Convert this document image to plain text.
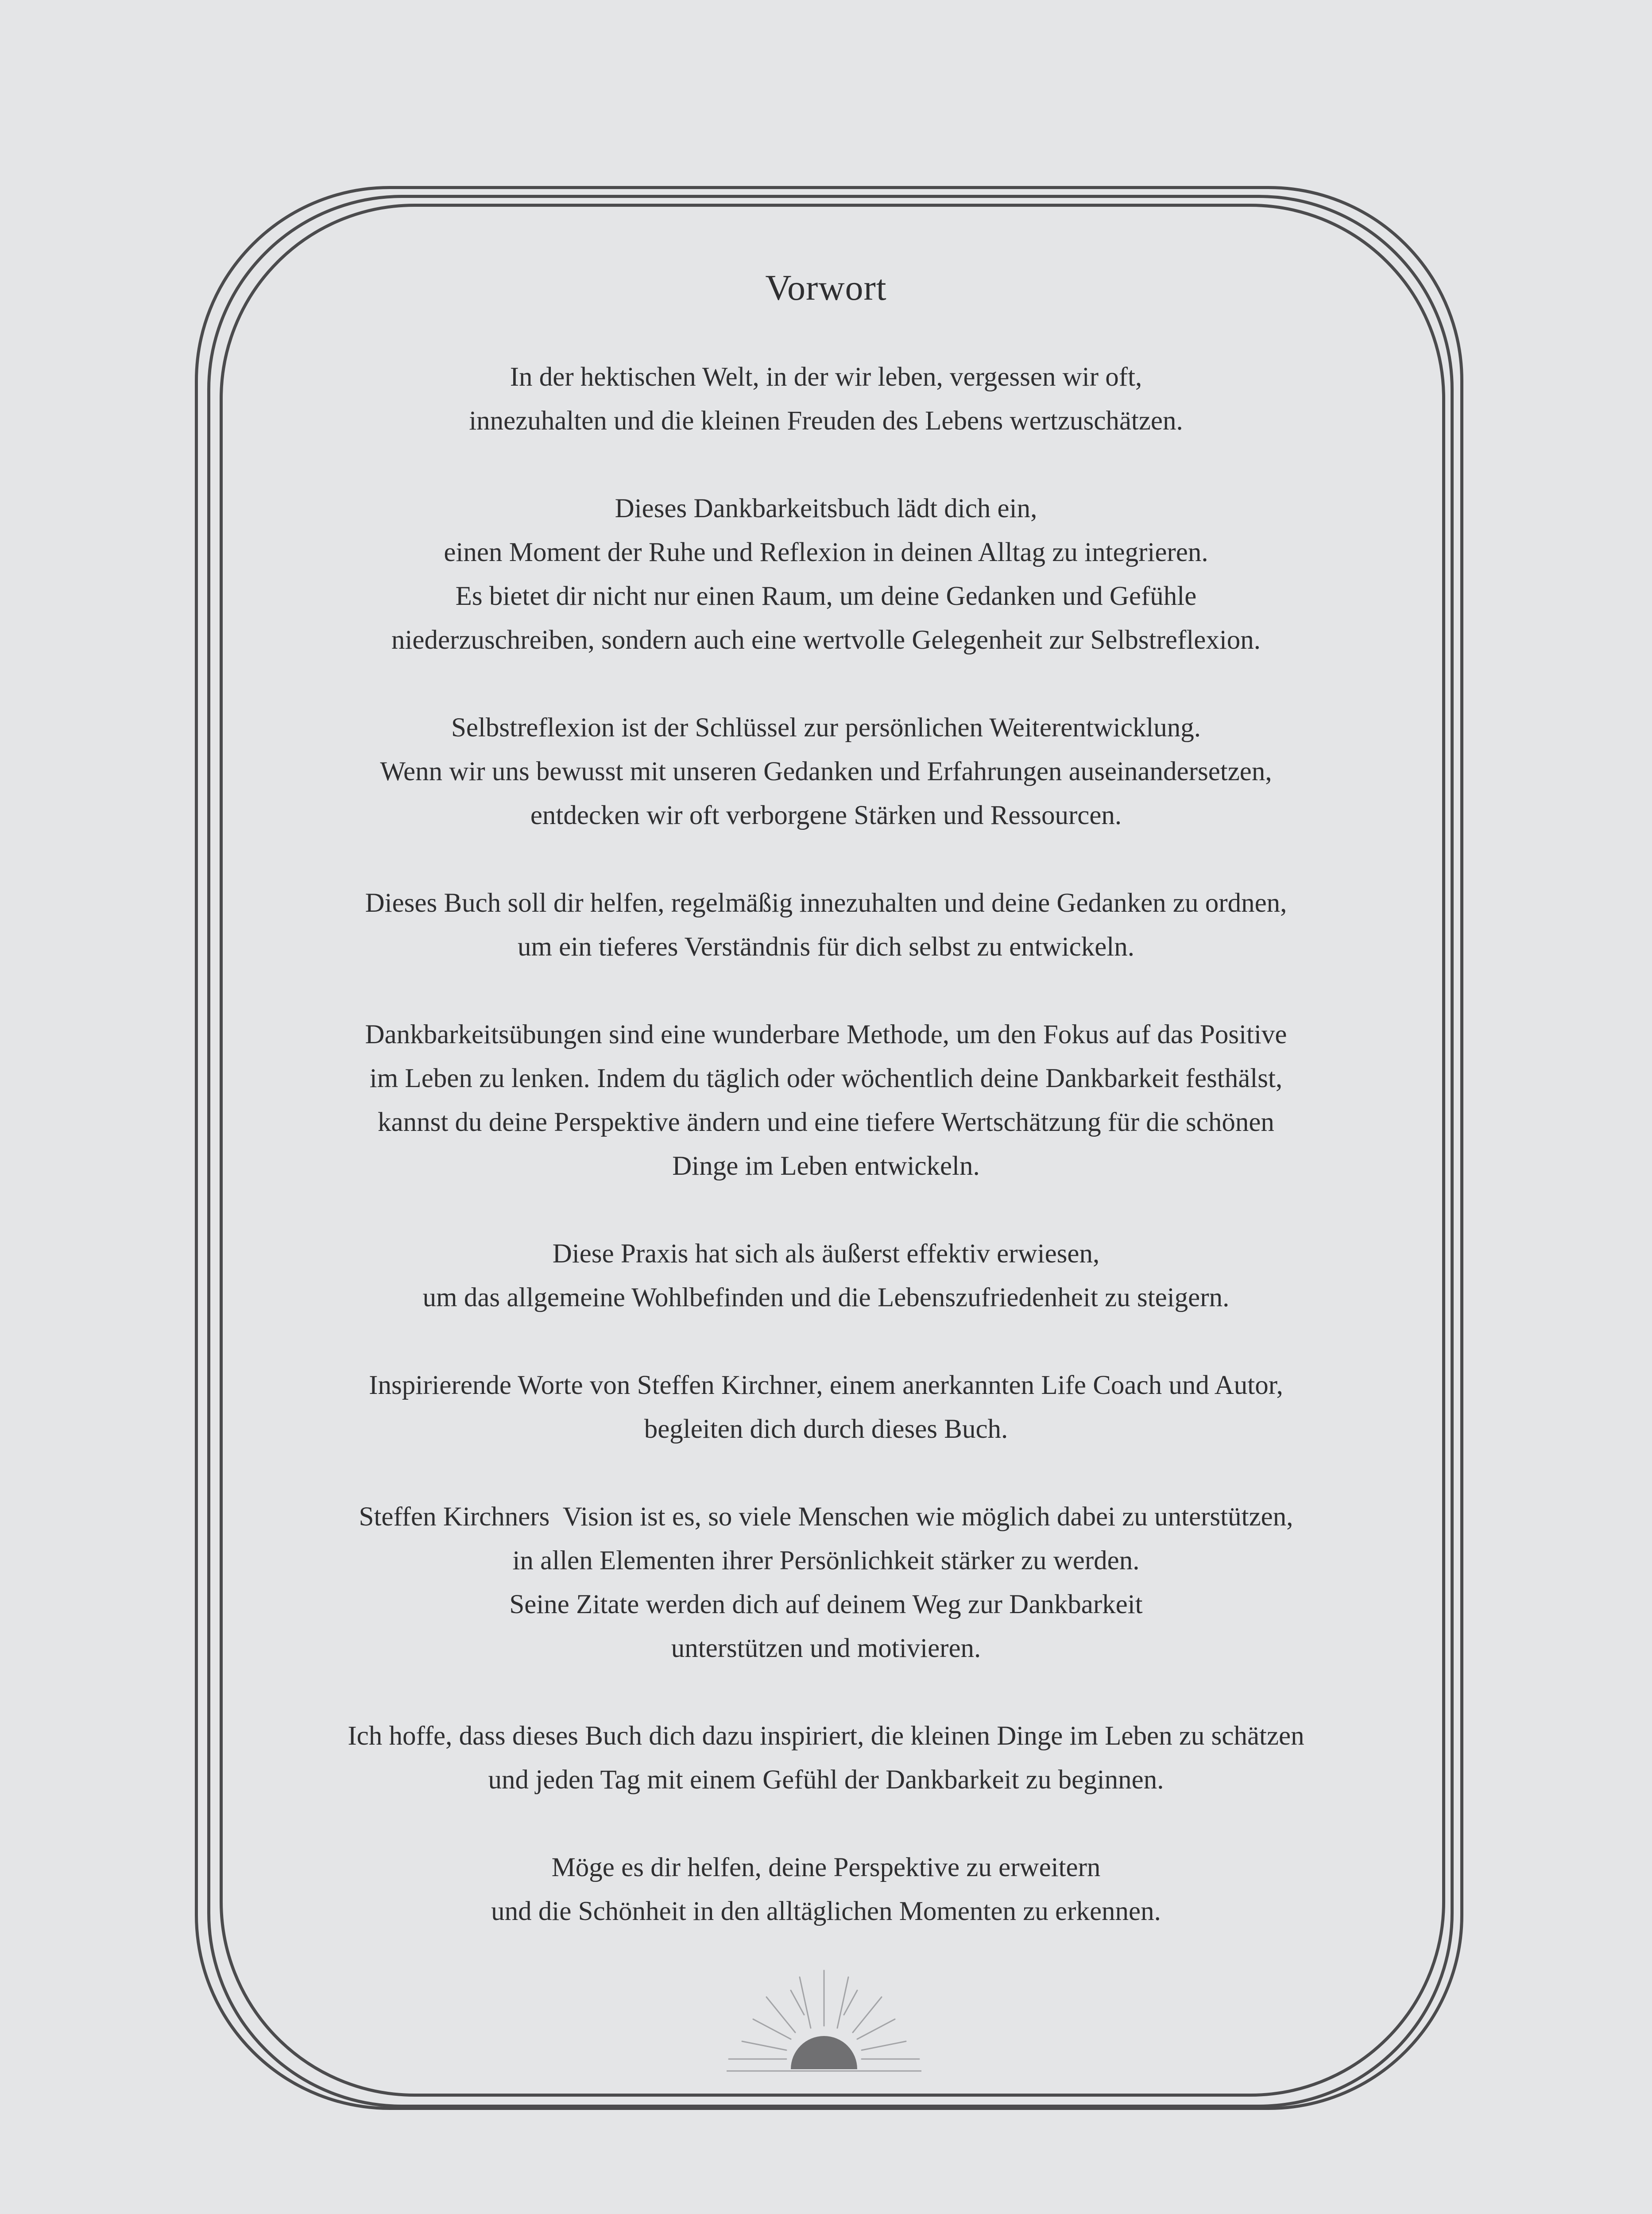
Vorwort
In der hektischen Welt, in der wir leben, vergessen wir oft,
innezuhalten und die kleinen Freuden des Lebens wertzuschätzen.
Dieses Dankbarkeitsbuch lädt dich ein,
einen Moment der Ruhe und Reflexion in deinen Alltag zu integrieren.
Es bietet dir nicht nur einen Raum, um deine Gedanken und Gefühle
niederzuschreiben, sondern auch eine wertvolle Gelegenheit zur Selbstreflexion.
Selbstreflexion ist der Schlüssel zur persönlichen Weiterentwicklung.
Wenn wir uns bewusst mit unseren Gedanken und Erfahrungen auseinandersetzen,
entdecken wir oft verborgene Stärken und Ressourcen.
Dieses Buch soll dir helfen, regelmäßig innezuhalten und deine Gedanken zu ordnen,
um ein tieferes Verständnis für dich selbst zu entwickeln.
Dankbarkeitsübungen sind eine wunderbare Methode, um den Fokus auf das Positive
im Leben zu lenken. Indem du täglich oder wöchentlich deine Dankbarkeit festhälst,
kannst du deine Perspektive ändern und eine tiefere Wertschätzung für die schönen
Dinge im Leben entwickeln.
Diese Praxis hat sich als äußerst effektiv erwiesen,
um das allgemeine Wohlbefinden und die Lebenszufriedenheit zu steigern.
Inspirierende Worte von Steffen Kirchner, einem anerkannten Life Coach und Autor,
begleiten dich durch dieses Buch.
Steffen Kirchners  Vision ist es, so viele Menschen wie möglich dabei zu unterstützen,
in allen Elementen ihrer Persönlichkeit stärker zu werden.
Seine Zitate werden dich auf deinem Weg zur Dankbarkeit
unterstützen und motivieren.
Ich hoffe, dass dieses Buch dich dazu inspiriert, die kleinen Dinge im Leben zu schätzen
und jeden Tag mit einem Gefühl der Dankbarkeit zu beginnen.
Möge es dir helfen, deine Perspektive zu erweitern
und die Schönheit in den alltäglichen Momenten zu erkennen.
